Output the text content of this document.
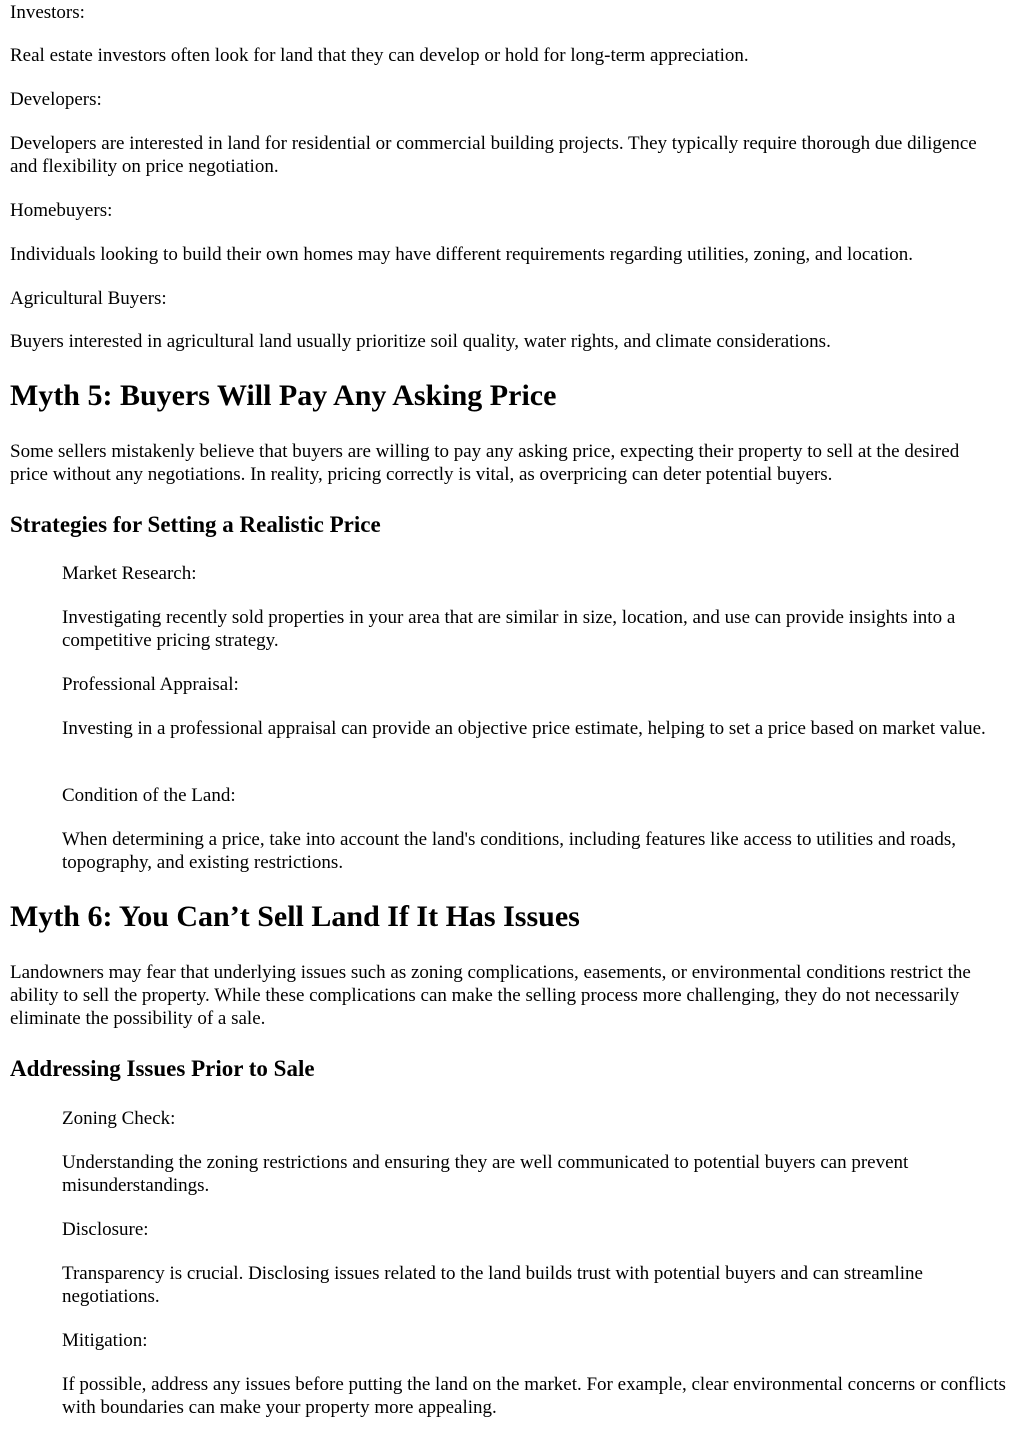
Investors:

Real estate investors often look for land that they can develop or hold for long-term appreciation.

Developers:

Developers are interested in land for residential or commercial building projects. They typically require thorough due diligence and flexibility on price negotiation.

Homebuyers:

Individuals looking to build their own homes may have different requirements regarding utilities, zoning, and location.

Agricultural Buyers:

Buyers interested in agricultural land usually prioritize soil quality, water rights, and climate considerations.

Myth 5: Buyers Will Pay Any Asking Price

Some sellers mistakenly believe that buyers are willing to pay any asking price, expecting their property to sell at the desired price without any negotiations. In reality, pricing correctly is vital, as overpricing can deter potential buyers.

Strategies for Setting a Realistic Price

Market Research:

Investigating recently sold properties in your area that are similar in size, location, and use can provide insights into a competitive pricing strategy.

Professional Appraisal:

Investing in a professional appraisal can provide an objective price estimate, helping to set a price based on market value.

Condition of the Land:

When determining a price, take into account the land's conditions, including features like access to utilities and roads, topography, and existing restrictions.

Myth 6: You Can’t Sell Land If It Has Issues

Landowners may fear that underlying issues such as zoning complications, easements, or environmental conditions restrict the ability to sell the property. While these complications can make the selling process more challenging, they do not necessarily eliminate the possibility of a sale.

Addressing Issues Prior to Sale

Zoning Check:

Understanding the zoning restrictions and ensuring they are well communicated to potential buyers can prevent misunderstandings.

Disclosure:

Transparency is crucial. Disclosing issues related to the land builds trust with potential buyers and can streamline negotiations.

Mitigation:

If possible, address any issues before putting the land on the market. For example, clear environmental concerns or conflicts with boundaries can make your property more appealing.
